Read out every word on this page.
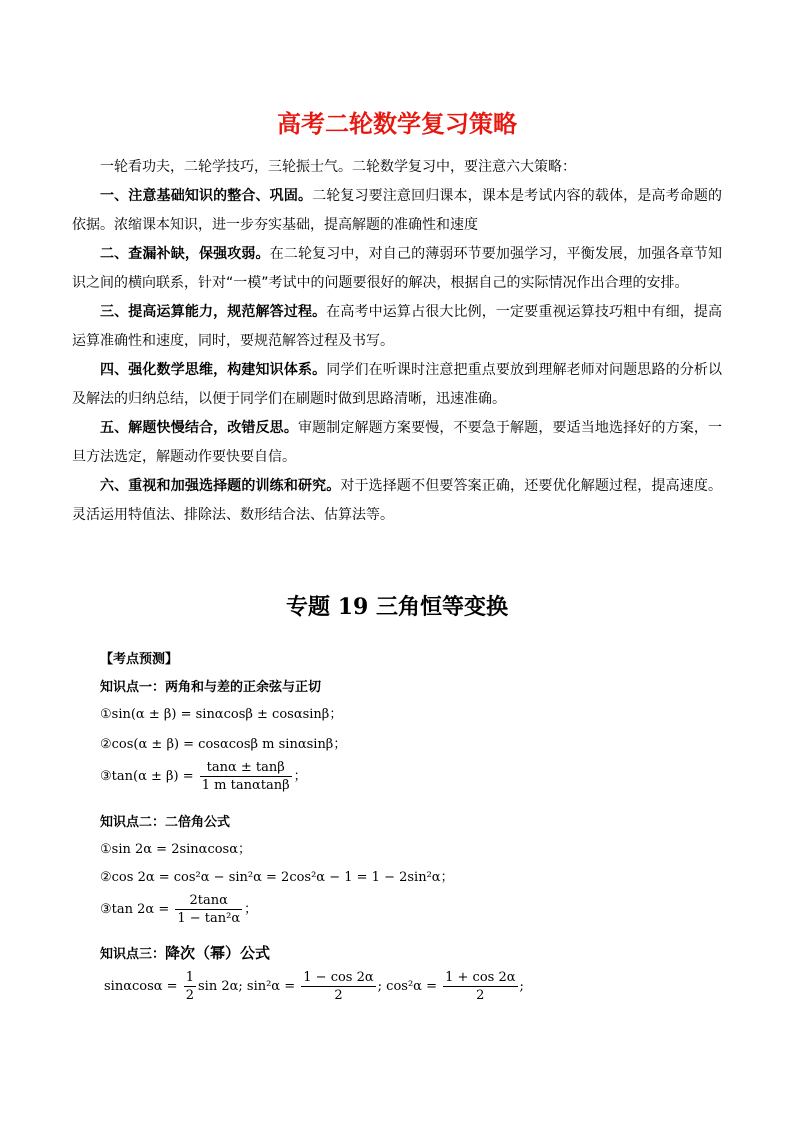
高考二轮数学复习策略

一轮看功夫，二轮学技巧，三轮振士气。二轮数学复习中，要注意六大策略：

一、注意基础知识的整合、巩固。二轮复习要注意回归课本，课本是考试内容的载体，是高考命题的依据。浓缩课本知识，进一步夯实基础，提高解题的准确性和速度

二、查漏补缺，保强攻弱。在二轮复习中，对自己的薄弱环节要加强学习，平衡发展，加强各章节知识之间的横向联系，针对“一模”考试中的问题要很好的解决，根据自己的实际情况作出合理的安排。

三、提高运算能力，规范解答过程。在高考中运算占很大比例，一定要重视运算技巧粗中有细，提高运算准确性和速度，同时，要规范解答过程及书写。

四、强化数学思维，构建知识体系。同学们在听课时注意把重点要放到理解老师对问题思路的分析以及解法的归纳总结，以便于同学们在刷题时做到思路清晰，迅速准确。

五、解题快慢结合，改错反思。审题制定解题方案要慢，不要急于解题，要适当地选择好的方案，一旦方法选定，解题动作要快要自信。

六、重视和加强选择题的训练和研究。对于选择题不但要答案正确，还要优化解题过程，提高速度。灵活运用特值法、排除法、数形结合法、估算法等。

专题 19 三角恒等变换
【考点预测】
知识点一：两角和与差的正余弦与正切
①sin(α ± β) = sinαcosβ ± cosαsinβ；
②cos(α ± β) = cosαcosβ m sinαsinβ；
③tan(α ± $\beta) = \frac{\tan\alpha \pm \tan\beta}{\text{1 m tanαtanβ}}$ ；
知识点二：二倍角公式
①sin 2α = 2sinαcosα；
②cos 2α = cos²α − sin²α = 2cos²α − 1 = 1 − 2sin²α；
③tan $2\alpha = \frac{2\tan\alpha}{\text{1 − tan²α}}$ ；
知识点三：降次（幂）公式
$\sin\alpha\cos\alpha = \frac{1}{2}$ sin 2α; $\sin^2\alpha = \frac{1 - \cos 2\alpha}{2}$ ; $\cos^2\alpha = \frac{1 + \cos 2\alpha}{2}$ ;
